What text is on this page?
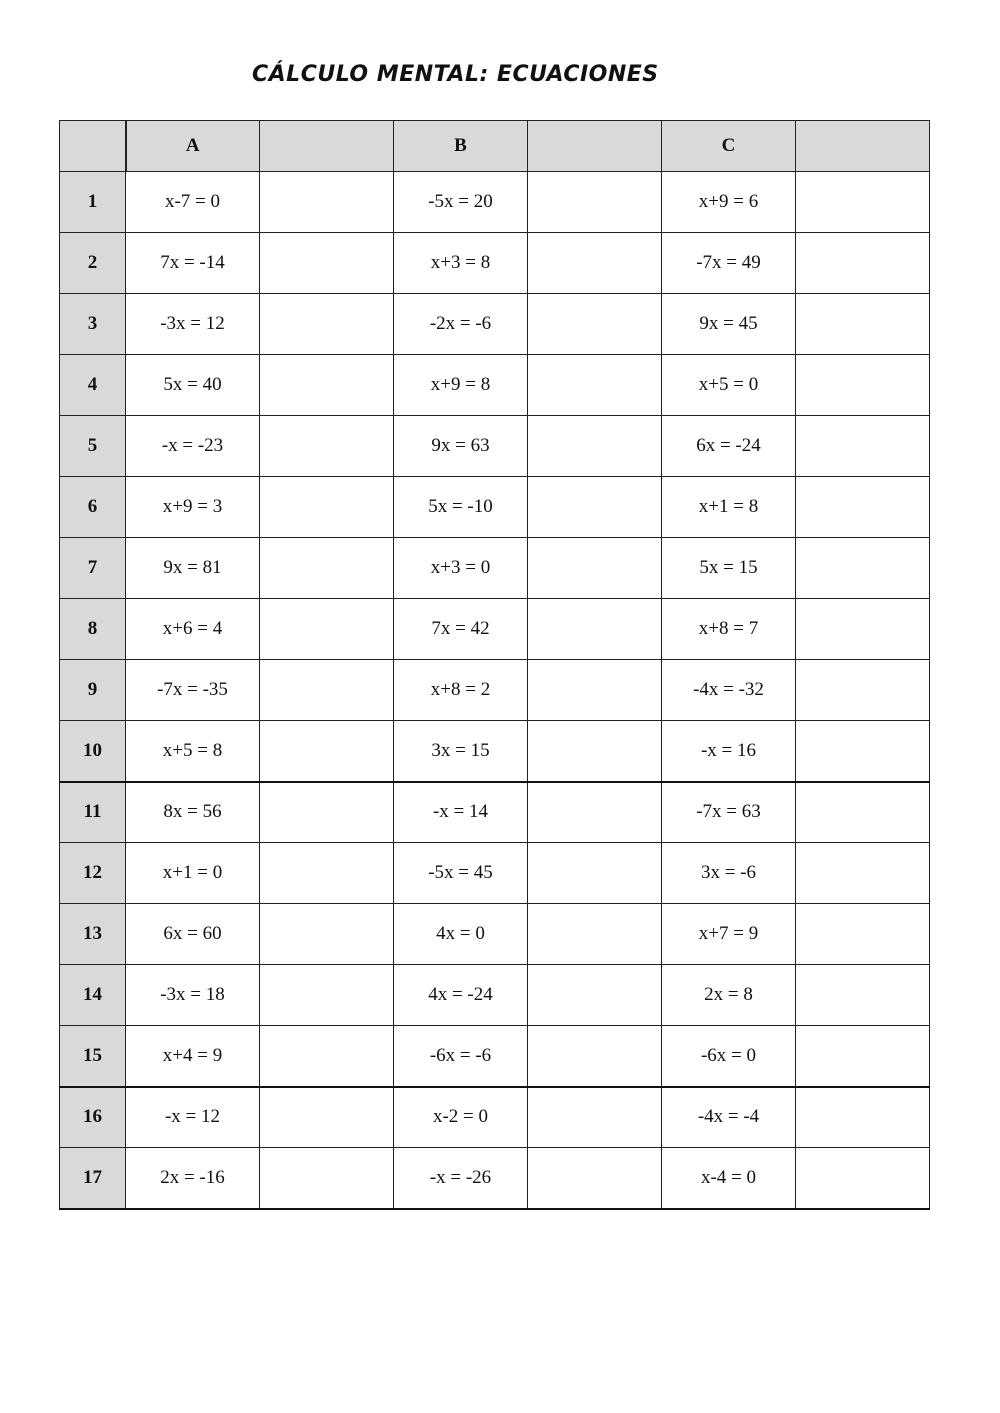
CÁLCULO MENTAL: ECUACIONES
	A		B		C	
1	x-7 = 0		-5x = 20		x+9 = 6	
2	7x = -14		x+3 = 8		-7x = 49	
3	-3x = 12		-2x = -6		9x = 45	
4	5x = 40		x+9 = 8		x+5 = 0	
5	-x = -23		9x = 63		6x = -24	
6	x+9 = 3		5x = -10		x+1 = 8	
7	9x = 81		x+3 = 0		5x = 15	
8	x+6 = 4		7x = 42		x+8 = 7	
9	-7x = -35		x+8 = 2		-4x = -32	
10	x+5 = 8		3x = 15		-x = 16	
11	8x = 56		-x = 14		-7x = 63	
12	x+1 = 0		-5x = 45		3x = -6	
13	6x = 60		4x = 0		x+7 = 9	
14	-3x = 18		4x = -24		2x = 8	
15	x+4 = 9		-6x = -6		-6x = 0	
16	-x = 12		x-2 = 0		-4x = -4	
17	2x = -16		-x = -26		x-4 = 0	
